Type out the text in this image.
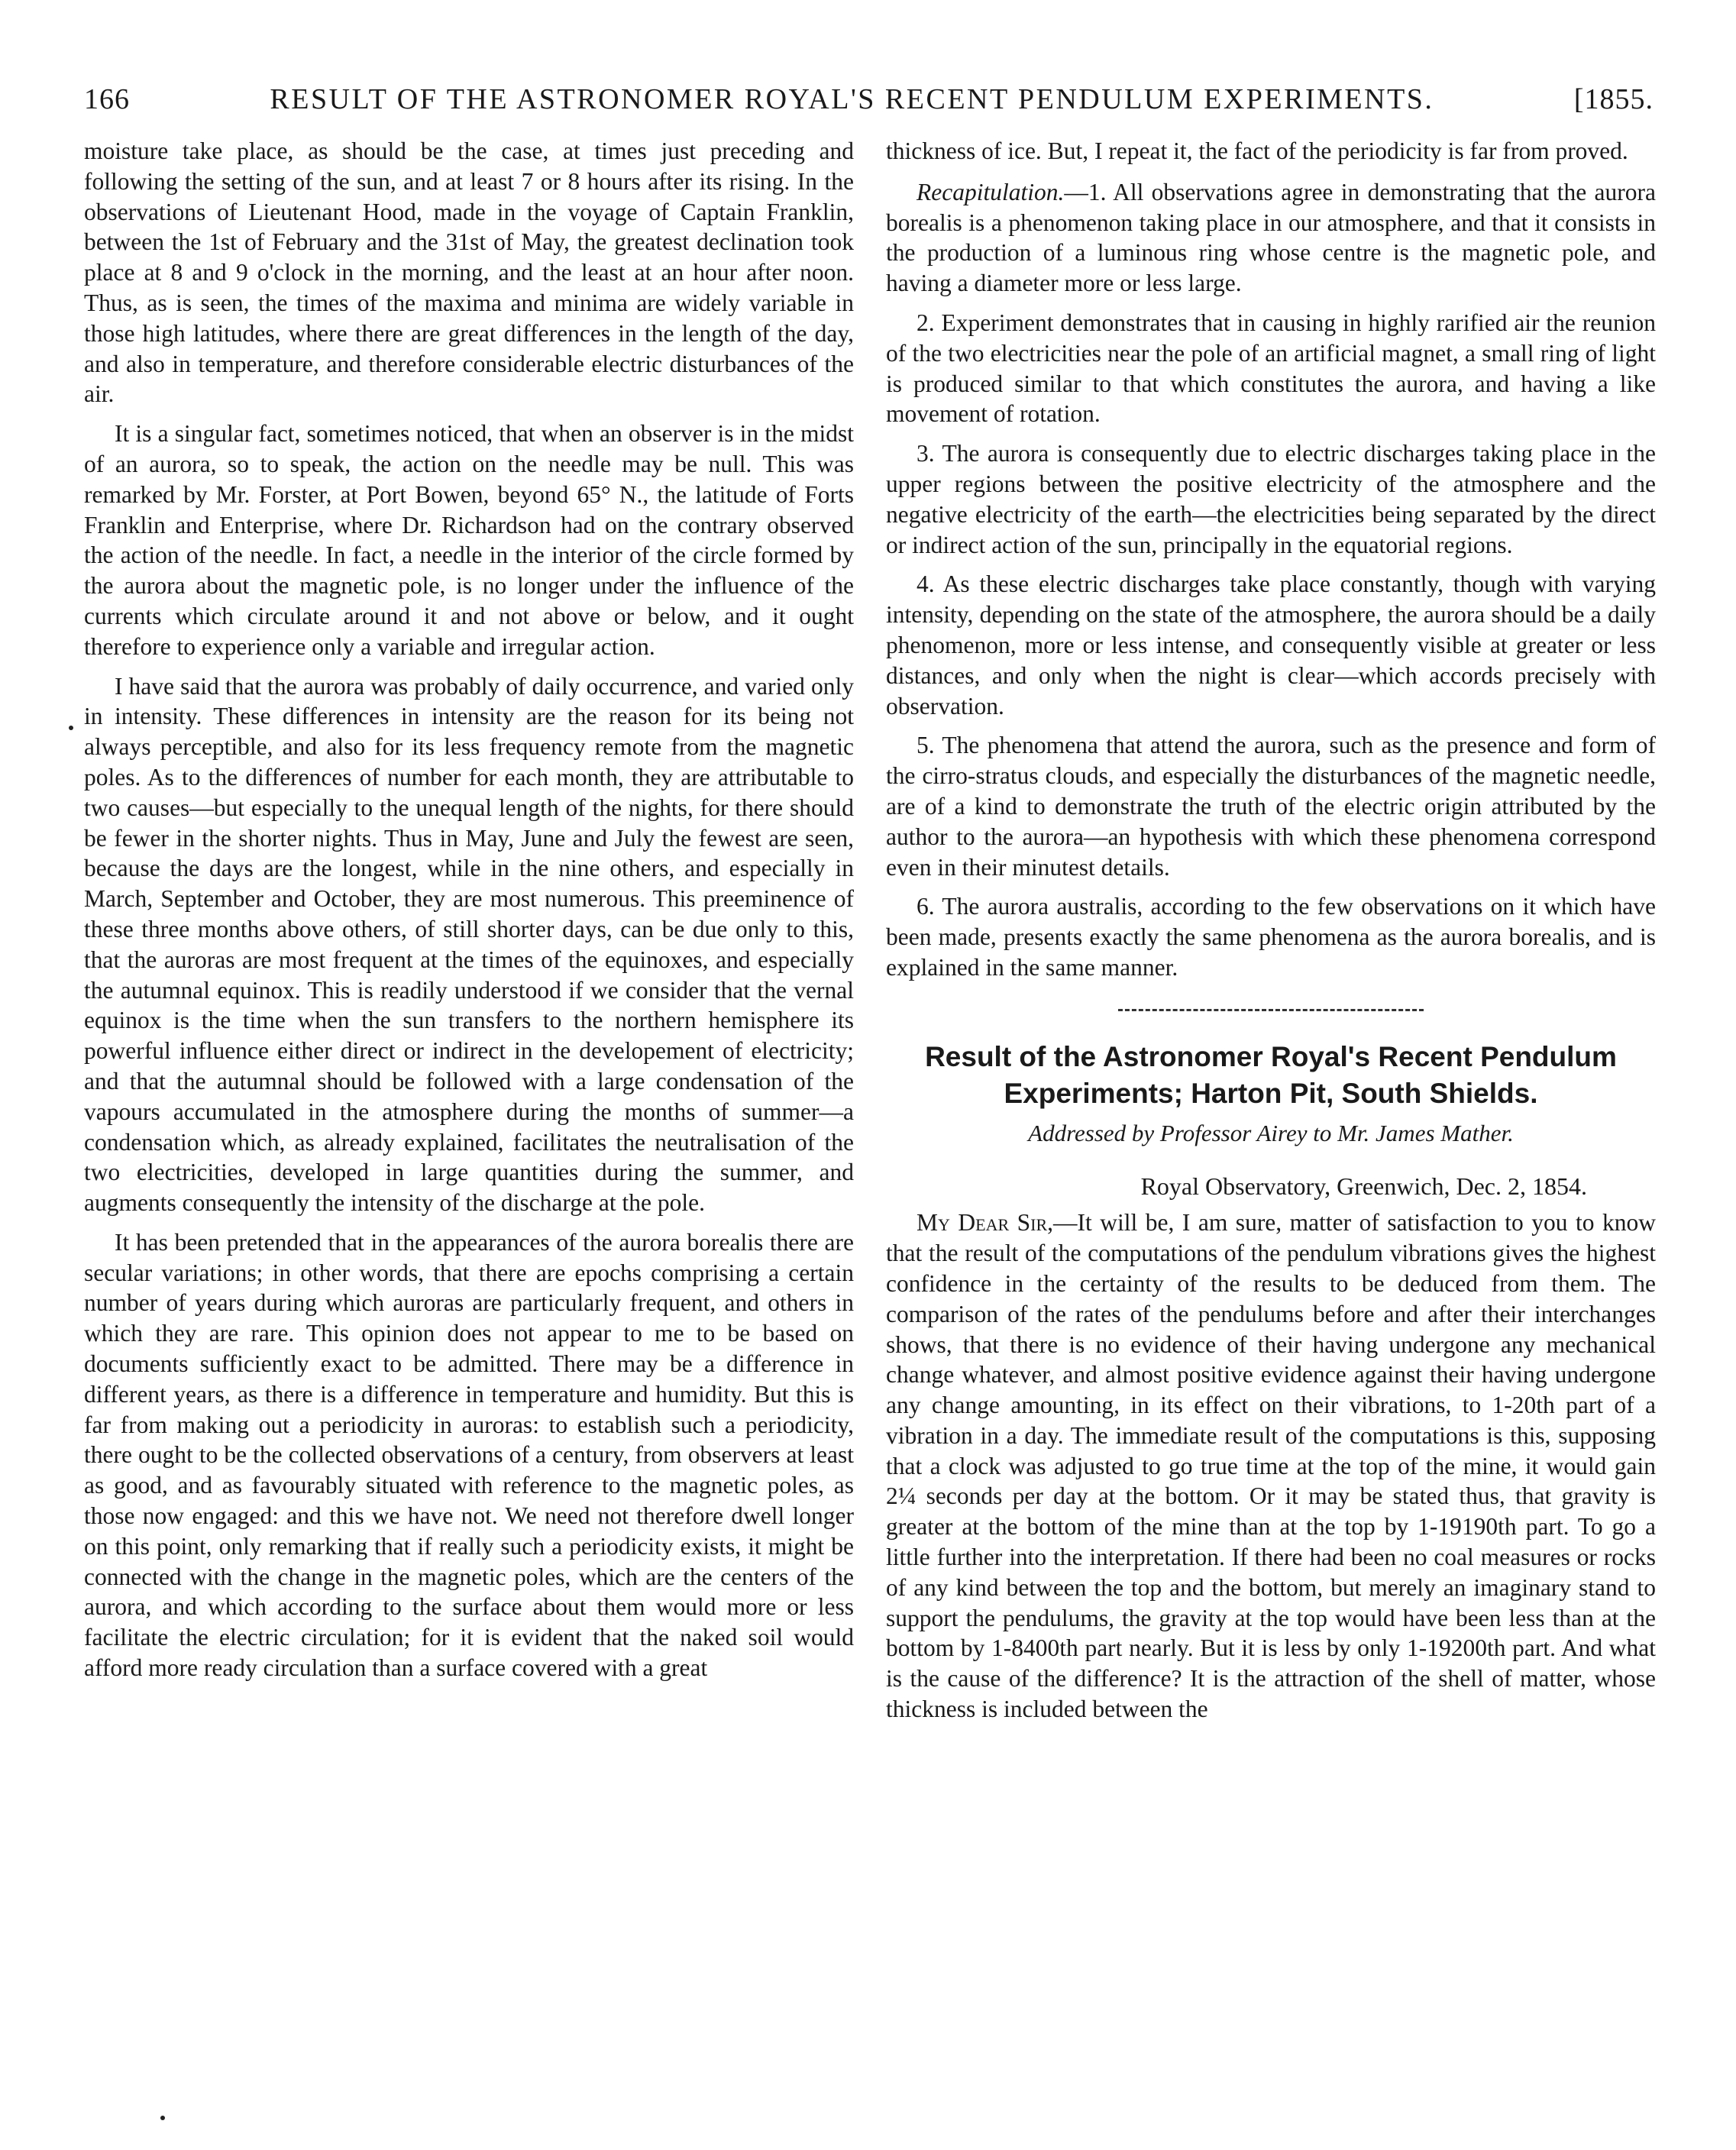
166	RESULT OF THE ASTRONOMER ROYAL'S RECENT PENDULUM EXPERIMENTS.	[1855.

moisture take place, as should be the case, at times just preceding and following the setting of the sun, and at least 7 or 8 hours after its rising. In the observations of Lieutenant Hood, made in the voyage of Captain Franklin, between the 1st of February and the 31st of May, the greatest declination took place at 8 and 9 o'clock in the morning, and the least at an hour after noon. Thus, as is seen, the times of the maxima and minima are widely variable in those high latitudes, where there are great differences in the length of the day, and also in temperature, and therefore considerable electric disturbances of the air.

It is a singular fact, sometimes noticed, that when an observer is in the midst of an aurora, so to speak, the action on the needle may be null. This was remarked by Mr. Forster, at Port Bowen, beyond 65° N., the latitude of Forts Franklin and Enterprise, where Dr. Richardson had on the contrary observed the action of the needle. In fact, a needle in the interior of the circle formed by the aurora about the magnetic pole, is no longer under the influence of the currents which circulate around it and not above or below, and it ought therefore to experience only a variable and irregular action.

I have said that the aurora was probably of daily occurrence, and varied only in intensity. These differences in intensity are the reason for its being not always perceptible, and also for its less frequency remote from the magnetic poles. As to the differences of number for each month, they are attributable to two causes—but especially to the unequal length of the nights, for there should be fewer in the shorter nights. Thus in May, June and July the fewest are seen, because the days are the longest, while in the nine others, and especially in March, September and October, they are most numerous. This preeminence of these three months above others, of still shorter days, can be due only to this, that the auroras are most frequent at the times of the equinoxes, and especially the autumnal equinox. This is readily understood if we consider that the vernal equinox is the time when the sun transfers to the northern hemisphere its powerful influence either direct or indirect in the developement of electricity; and that the autumnal should be followed with a large condensation of the vapours accumulated in the atmosphere during the months of summer—a condensation which, as already explained, facilitates the neutralisation of the two electricities, developed in large quantities during the summer, and augments consequently the intensity of the discharge at the pole.

It has been pretended that in the appearances of the aurora borealis there are secular variations; in other words, that there are epochs comprising a certain number of years during which auroras are particularly frequent, and others in which they are rare. This opinion does not appear to me to be based on documents sufficiently exact to be admitted. There may be a difference in different years, as there is a difference in temperature and humidity. But this is far from making out a periodicity in auroras: to establish such a periodicity, there ought to be the collected observations of a century, from observers at least as good, and as favourably situated with reference to the magnetic poles, as those now engaged: and this we have not. We need not therefore dwell longer on this point, only remarking that if really such a periodicity exists, it might be connected with the change in the magnetic poles, which are the centers of the aurora, and which according to the surface about them would more or less facilitate the electric circulation; for it is evident that the naked soil would afford more ready circulation than a surface covered with a great

thickness of ice. But, I repeat it, the fact of the periodicity is far from proved.

Recapitulation.—1. All observations agree in demonstrating that the aurora borealis is a phenomenon taking place in our atmosphere, and that it consists in the production of a luminous ring whose centre is the magnetic pole, and having a diameter more or less large.

2. Experiment demonstrates that in causing in highly rarified air the reunion of the two electricities near the pole of an artificial magnet, a small ring of light is produced similar to that which constitutes the aurora, and having a like movement of rotation.

3. The aurora is consequently due to electric discharges taking place in the upper regions between the positive electricity of the atmosphere and the negative electricity of the earth—the electricities being separated by the direct or indirect action of the sun, principally in the equatorial regions.

4. As these electric discharges take place constantly, though with varying intensity, depending on the state of the atmosphere, the aurora should be a daily phenomenon, more or less intense, and consequently visible at greater or less distances, and only when the night is clear—which accords precisely with observation.

5. The phenomena that attend the aurora, such as the presence and form of the cirro-stratus clouds, and especially the disturbances of the magnetic needle, are of a kind to demonstrate the truth of the electric origin attributed by the author to the aurora—an hypothesis with which these phenomena correspond even in their minutest details.

6. The aurora australis, according to the few observations on it which have been made, presents exactly the same phenomena as the aurora borealis, and is explained in the same manner.

Result of the Astronomer Royal's Recent Pendulum Experiments; Harton Pit, South Shields.
Addressed by Professor Airey to Mr. James Mather.
Royal Observatory, Greenwich, Dec. 2, 1854.

My Dear Sir,—It will be, I am sure, matter of satisfaction to you to know that the result of the computations of the pendulum vibrations gives the highest confidence in the certainty of the results to be deduced from them. The comparison of the rates of the pendulums before and after their interchanges shows, that there is no evidence of their having undergone any mechanical change whatever, and almost positive evidence against their having undergone any change amounting, in its effect on their vibrations, to 1-20th part of a vibration in a day. The immediate result of the computations is this, supposing that a clock was adjusted to go true time at the top of the mine, it would gain 2¼ seconds per day at the bottom. Or it may be stated thus, that gravity is greater at the bottom of the mine than at the top by 1-19190th part. To go a little further into the interpretation. If there had been no coal measures or rocks of any kind between the top and the bottom, but merely an imaginary stand to support the pendulums, the gravity at the top would have been less than at the bottom by 1-8400th part nearly. But it is less by only 1-19200th part. And what is the cause of the difference? It is the attraction of the shell of matter, whose thickness is included between the
